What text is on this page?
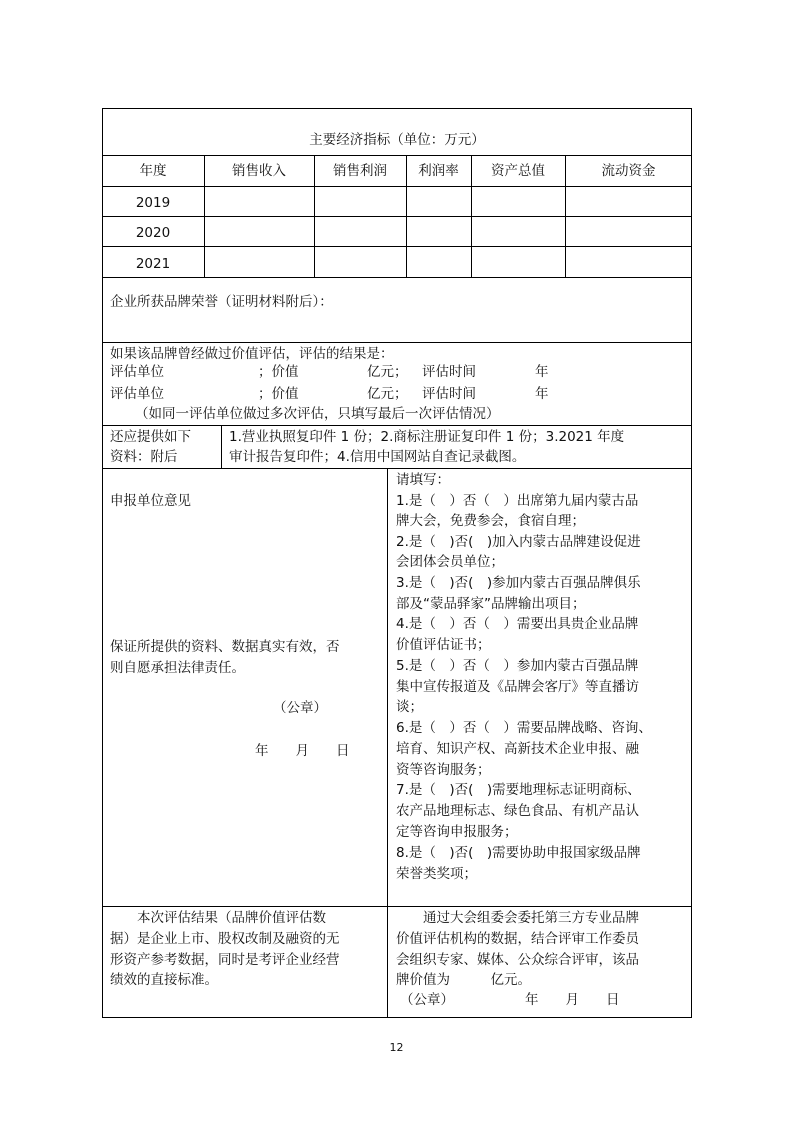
主要经济指标（单位：万元）
年度	销售收入	销售利润	利润率	资产总值	流动资金
2019
2020
2021
企业所获品牌荣誉（证明材料附后）：
如果该品牌曾经做过价值评估，评估的结果是：
评估单位	；价值	亿元； 评估时间	年
评估单位	；价值	亿元； 评估时间	年
（如同一评估单位做过多次评估，只填写最后一次评估情况）
还应提供如下
资料：附后
1.营业执照复印件 1 份；2.商标注册证复印件 1 份；3.2021 年度
审计报告复印件；4.信用中国网站自查记录截图。
申报单位意见
保证所提供的资料、数据真实有效，否
则自愿承担法律责任。
（公章）
年　　月　　日
请填写：
1.是（　）否（　）出席第九届内蒙古品
牌大会，免费参会，食宿自理；
2.是（　)否(　)加入内蒙古品牌建设促进
会团体会员单位；
3.是（　)否(　)参加内蒙古百强品牌俱乐
部及“蒙品驿家”品牌输出项目；
4.是（　）否（　）需要出具贵企业品牌
价值评估证书；
5.是（　）否（　）参加内蒙古百强品牌
集中宣传报道及《品牌会客厅》等直播访
谈；
6.是（　）否（　）需要品牌战略、咨询、
培育、知识产权、高新技术企业申报、融
资等咨询服务；
7.是（　)否(　)需要地理标志证明商标、
农产品地理标志、绿色食品、有机产品认
定等咨询申报服务；
8.是（　)否(　)需要协助申报国家级品牌
荣誉类奖项；
　　本次评估结果（品牌价值评估数
据）是企业上市、股权改制及融资的无
形资产参考数据，同时是考评企业经营
绩效的直接标准。
　　通过大会组委会委托第三方专业品牌
价值评估机构的数据，结合评审工作委员
会组织专家、媒体、公众综合评审，该品
牌价值为　　　亿元。
（公章）	年　　月　　日
12
